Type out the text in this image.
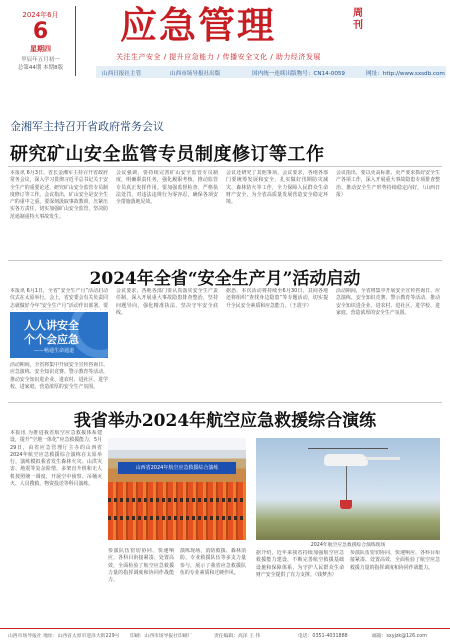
2024年6月
6
星期四
甲辰年五月初一
总第44期 本期8版
应急管理	周刊
关注生产安全 / 提升应急能力 / 传播安全文化 / 助力经济发展
山西日报社主管	山西市场导报社出版	国内统一连续出版物号：CN14-0059	网址：http://www.sxsdb.com
金湘军主持召开省政府常务会议
研究矿山安全监管专员制度修订等工作
本报讯 6月3日，省长金湘军主持召开省政府常务会议，深入学习贯彻习近平总书记关于安全生产的重要论述，研究矿山安全监管专员制度修订等工作。会议指出，矿山安全是安全生产的重中之重，要深刻汲取事故教训，压紧压实各方责任，切实加强矿山安全监管，坚决防范遏制重特大事故发生。
会议强调，要持续完善矿山安全监管专员制度，明确职责任务，强化履职考核，推动监管专员真正发挥作用。要加强监督检查，严格执法处罚，对违法违规行为零容忍，确保各项安全措施落地见效。
会议还研究了其他事项。会议要求，各地各部门要统筹发展和安全，扎实做好汛期防灾减灾、森林防火等工作，全力保障人民群众生命财产安全，为全省高质量发展营造安全稳定环境。
会议指出，要以更高标准、更严要求抓好安全生产各项工作，深入开展重大事故隐患专项排查整治，推动安全生产形势持续稳定向好。（山西日报）
2024年全省“安全生产月”活动启动
本报讯 6月1日，全省“安全生产月”活动启动仪式在太原举行。会上，省安委会有关负责同志就做好今年“安全生产月”活动作出部署，要
人人讲安全
个个会应急
——畅通生命通道
活动期间，全省将集中开展安全宣传咨询日、应急演练、安全知识竞赛、警示教育等活动，推动安全知识进企业、进农村、进社区、进学校、进家庭，营造浓厚的安全生产氛围。
会议要求，各地各部门要认真落实安全生产责任制，深入开展重大事故隐患排查整治，坚持问题导向，强化精准执法，坚决守牢安全底线。
据悉，本次活动将持续至6月30日，其间各地还将组织“查找身边隐患”等专题活动，切实提升全民安全素质和应急能力。（王震宇）
活动期间，全省将集中开展安全宣传咨询日、应急演练、安全知识竞赛、警示教育等活动，推动安全知识进企业、进农村、进社区、进学校、进家庭，营造浓厚的安全生产氛围。
我省举办2024年航空应急救援综合演练
本报讯 为推进我省航空应急救援体系建设，提升“空地一体化”应急救援能力，5月29日，由省应急管理厅主办的山西省2024年航空应急救援综合演练在太原举行。演练模拟我省发生森林火灾、山洪灾害、地震等复杂险情，多架直升机和无人机按照统一调度，开展空中侦察、吊桶灭火、人员搜救、物资投送等科目演练。
山西省2024年航空应急救援综合演练
2024年航空应急救援综合演练现场
参演队伍密切协同、快速响应，各科目衔接紧凑、处置高效，全面检验了航空应急救援力量的指挥调度和协同作战能力。
演练现场，消防救援、森林消防、专业救援队伍等多支力量参与，展示了我省应急救援队伍的专业素质和过硬作风。
据介绍，近年来我省持续加强航空应急救援能力建设，不断完善航空救援基础设施和保障体系，为守护人民群众生命财产安全提供了有力支撑。（钱梦杰）
参演队伍密切协同、快速响应，各科目衔接紧凑、处置高效，全面检验了航空应急救援力量的指挥调度和协同作战能力。
山西市场导报社 地址：山西省太原市迎泽大街229号 印刷：山西市场导报社印刷厂	责任编辑：高泽 王 伟	电话：0351-4031888	邮箱：sxyjzk@126.com
